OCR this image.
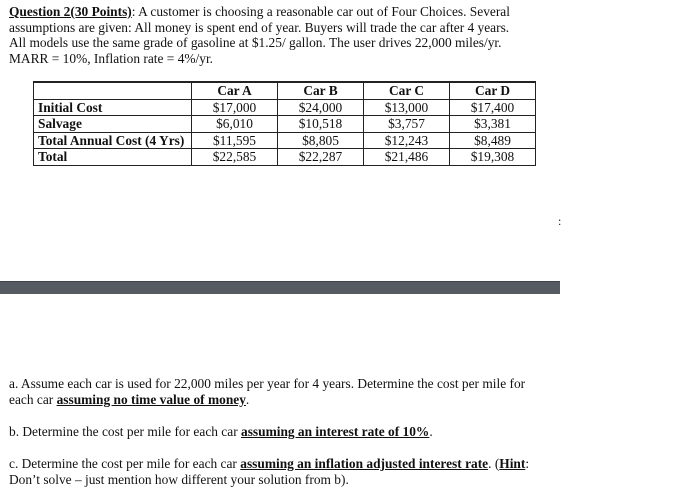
Question 2(30 Points): A customer is choosing a reasonable car out of Four Choices. Several
assumptions are given: All money is spent end of year. Buyers will trade the car after 4 years.
All models use the same grade of gasoline at $1.25/ gallon. The user drives 22,000 miles/yr.
MARR = 10%, Inflation rate = 4%/yr.
	Car A	Car B	Car C	Car D
Initial Cost	$17,000	$24,000	$13,000	$17,400
Salvage	$6,010	$10,518	$3,757	$3,381
Total Annual Cost (4 Yrs)	$11,595	$8,805	$12,243	$8,489
Total	$22,585	$22,287	$21,486	$19,308
:
a. Assume each car is used for 22,000 miles per year for 4 years. Determine the cost per mile for
each car assuming no time value of money.
b. Determine the cost per mile for each car assuming an interest rate of 10%.
c. Determine the cost per mile for each car assuming an inflation adjusted interest rate. (Hint:
Don’t solve – just mention how different your solution from b).
